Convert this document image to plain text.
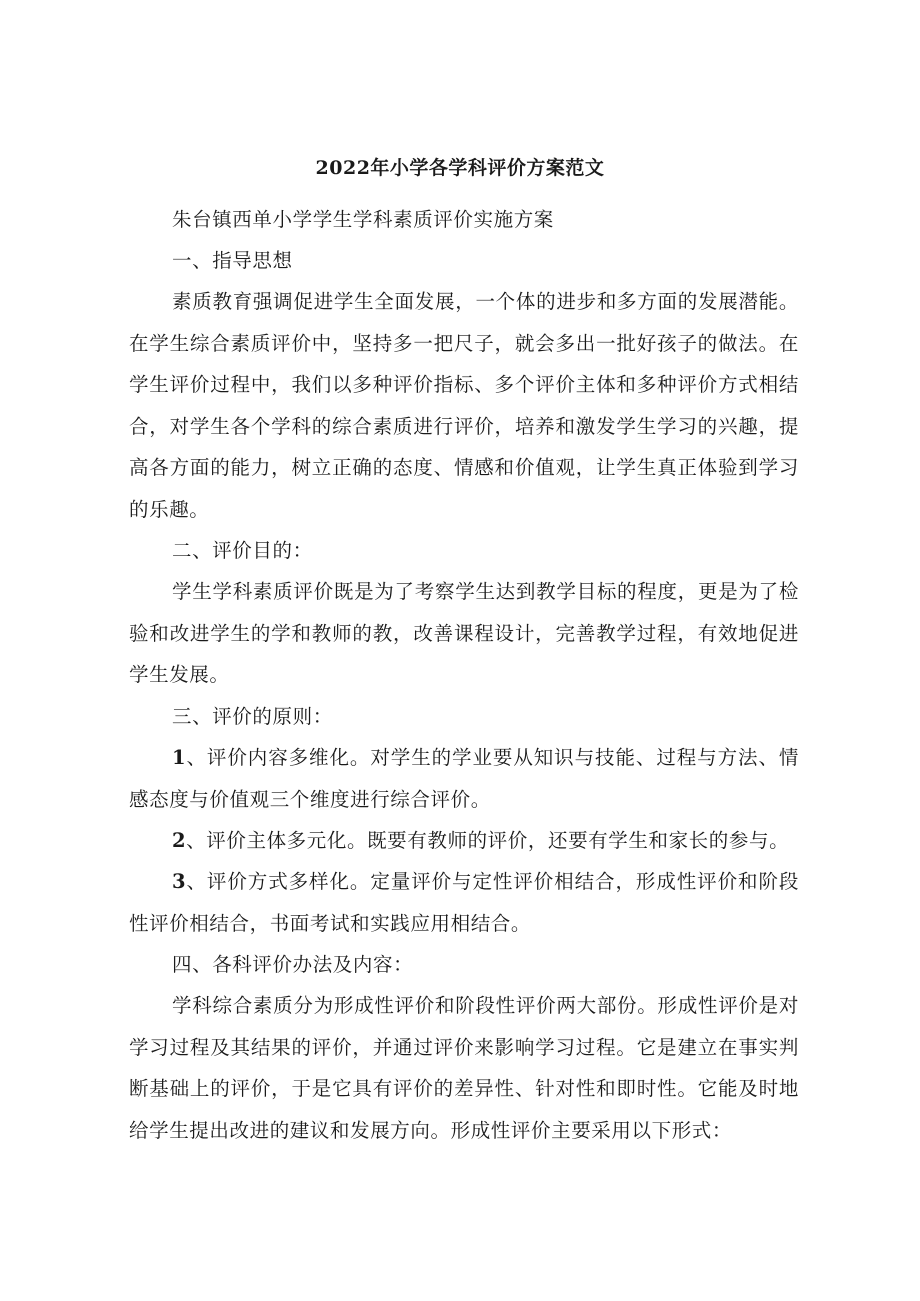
2022年小学各学科评价方案范文

朱台镇西单小学学生学科素质评价实施方案

一、指导思想

素质教育强调促进学生全面发展，一个体的进步和多方面的发展潜能。在学生综合素质评价中，坚持多一把尺子，就会多出一批好孩子的做法。在学生评价过程中，我们以多种评价指标、多个评价主体和多种评价方式相结合，对学生各个学科的综合素质进行评价，培养和激发学生学习的兴趣，提高各方面的能力，树立正确的态度、情感和价值观，让学生真正体验到学习的乐趣。

二、评价目的：

学生学科素质评价既是为了考察学生达到教学目标的程度，更是为了检验和改进学生的学和教师的教，改善课程设计，完善教学过程，有效地促进学生发展。

三、评价的原则：

1、评价内容多维化。对学生的学业要从知识与技能、过程与方法、情感态度与价值观三个维度进行综合评价。

2、评价主体多元化。既要有教师的评价，还要有学生和家长的参与。

3、评价方式多样化。定量评价与定性评价相结合，形成性评价和阶段性评价相结合，书面考试和实践应用相结合。

四、各科评价办法及内容：

学科综合素质分为形成性评价和阶段性评价两大部份。形成性评价是对学习过程及其结果的评价，并通过评价来影响学习过程。它是建立在事实判断基础上的评价，于是它具有评价的差异性、针对性和即时性。它能及时地给学生提出改进的建议和发展方向。形成性评价主要采用以下形式：
